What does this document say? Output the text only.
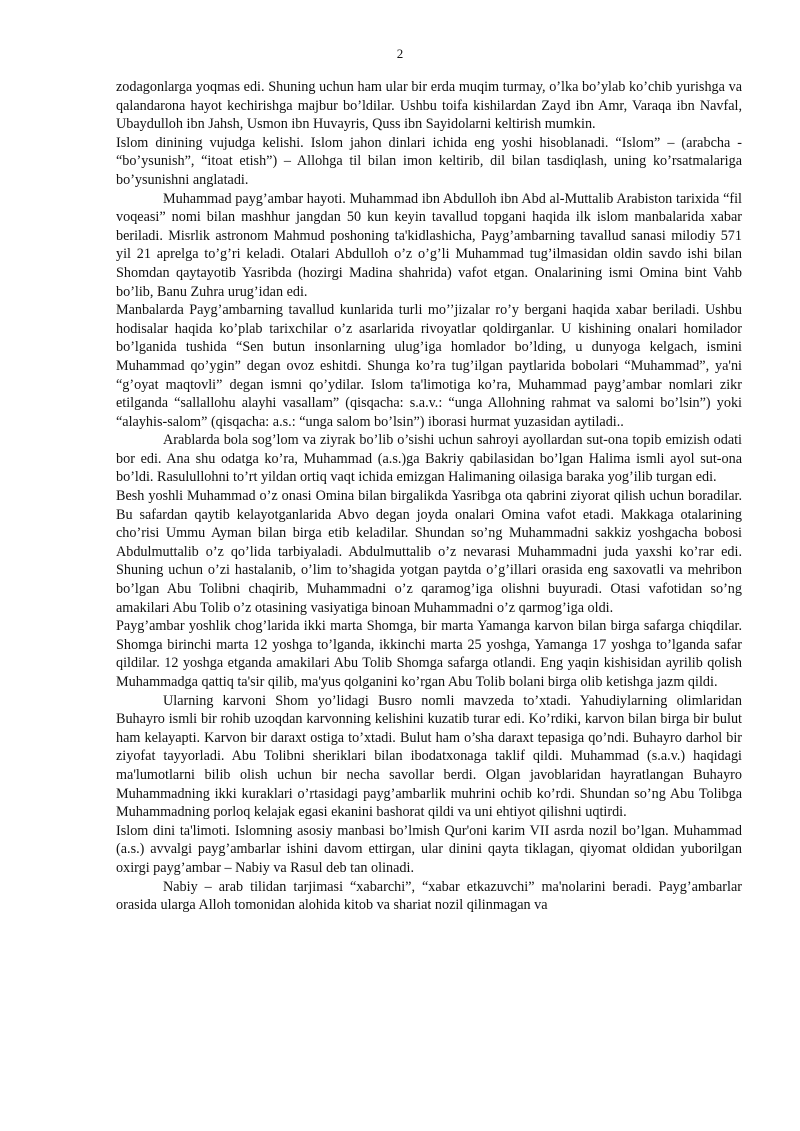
2

zodagonlarga yoqmas edi. Shuning uchun ham ular bir erda muqim turmay, o’lka bo’ylab ko’chib yurishga va qalandarona hayot kechirishga majbur bo’ldilar. Ushbu toifa kishilardan Zayd ibn Amr, Varaqa ibn Navfal, Ubaydulloh ibn Jahsh, Usmon ibn Huvayris, Quss ibn Sayidolarni keltirish mumkin.

Islom dinining vujudga kelishi. Islom jahon dinlari ichida eng yoshi hisoblanadi. “Islom” – (arabcha - “bo’ysunish”, “itoat etish”) – Allohga til bilan imon keltirib, dil bilan tasdiqlash, uning ko’rsatmalariga bo’ysunishni anglatadi.

Muhammad payg’ambar hayoti. Muhammad ibn Abdulloh ibn Abd al-Muttalib Arabiston tarixida “fil voqeasi” nomi bilan mashhur jangdan 50 kun keyin tavallud topgani haqida ilk islom manbalarida xabar beriladi. Misrlik astronom Mahmud poshoning ta'kidlashicha, Payg’ambarning tavallud sanasi milodiy 571 yil 21 aprelga to’g’ri keladi. Otalari Abdulloh o’z o’g’li Muhammad tug’ilmasidan oldin savdo ishi bilan Shomdan qaytayotib Yasribda (hozirgi Madina shahrida) vafot etgan. Onalarining ismi Omina bint Vahb bo’lib, Banu Zuhra urug’idan edi.

Manbalarda Payg’ambarning tavallud kunlarida turli mo’’jizalar ro’y bergani haqida xabar beriladi. Ushbu hodisalar haqida ko’plab tarixchilar o’z asarlarida rivoyatlar qoldirganlar. U kishining onalari homilador bo’lganida tushida “Sen butun insonlarning ulug’iga homlador bo’lding, u dunyoga kelgach, ismini Muhammad qo’ygin” degan ovoz eshitdi. Shunga ko’ra tug’ilgan paytlarida bobolari “Muhammad”, ya'ni “g’oyat maqtovli” degan ismni qo’ydilar. Islom ta'limotiga ko’ra, Muhammad payg’ambar nomlari zikr etilganda “sallallohu alayhi vasallam” (qisqacha: s.a.v.: “unga Allohning rahmat va salomi bo’lsin”) yoki “alayhis-salom” (qisqacha: a.s.: “unga salom bo’lsin”) iborasi hurmat yuzasidan aytiladi..

Arablarda bola sog’lom va ziyrak bo’lib o’sishi uchun sahroyi ayollardan sut-ona topib emizish odati bor edi. Ana shu odatga ko’ra, Muhammad (a.s.)ga Bakriy qabilasidan bo’lgan Halima ismli ayol sut-ona bo’ldi. Rasulullohni to’rt yildan ortiq vaqt ichida emizgan Halimaning oilasiga baraka yog’ilib turgan edi.

Besh yoshli Muhammad o’z onasi Omina bilan birgalikda Yasribga ota qabrini ziyorat qilish uchun boradilar. Bu safardan qaytib kelayotganlarida Abvo degan joyda onalari Omina vafot etadi. Makkaga otalarining cho’risi Ummu Ayman bilan birga etib keladilar. Shundan so’ng Muhammadni sakkiz yoshgacha bobosi Abdulmuttalib o’z qo’lida tarbiyaladi. Abdulmuttalib o’z nevarasi Muhammadni juda yaxshi ko’rar edi. Shuning uchun o’zi hastalanib, o’lim to’shagida yotgan paytda o’g’illari orasida eng saxovatli va mehribon bo’lgan Abu Tolibni chaqirib, Muhammadni o’z qaramog’iga olishni buyuradi. Otasi vafotidan so’ng amakilari Abu Tolib o’z otasining vasiyatiga binoan Muhammadni o’z qarmog’iga oldi.

Payg’ambar yoshlik chog’larida ikki marta Shomga, bir marta Yamanga karvon bilan birga safarga chiqdilar. Shomga birinchi marta 12 yoshga to’lganda, ikkinchi marta 25 yoshga, Yamanga 17 yoshga to’lganda safar qildilar. 12 yoshga etganda amakilari Abu Tolib Shomga safarga otlandi. Eng yaqin kishisidan ayrilib qolish Muhammadga qattiq ta'sir qilib, ma'yus qolganini ko’rgan Abu Tolib bolani birga olib ketishga jazm qildi.

Ularning karvoni Shom yo’lidagi Busro nomli mavzeda to’xtadi. Yahudiylarning olimlaridan Buhayro ismli bir rohib uzoqdan karvonning kelishini kuzatib turar edi. Ko’rdiki, karvon bilan birga bir bulut ham kelayapti. Karvon bir daraxt ostiga to’xtadi. Bulut ham o’sha daraxt tepasiga qo’ndi. Buhayro darhol bir ziyofat tayyorladi. Abu Tolibni sheriklari bilan ibodatxonaga taklif qildi. Muhammad (s.a.v.) haqidagi ma'lumotlarni bilib olish uchun bir necha savollar berdi. Olgan javoblaridan hayratlangan Buhayro Muhammadning ikki kuraklari o’rtasidagi payg’ambarlik muhrini ochib ko’rdi. Shundan so’ng Abu Tolibga Muhammadning porloq kelajak egasi ekanini bashorat qildi va uni ehtiyot qilishni uqtirdi.

Islom dini ta'limoti. Islomning asosiy manbasi bo’lmish Qur'oni karim VII asrda nozil bo’lgan. Muhammad (a.s.) avvalgi payg’ambarlar ishini davom ettirgan, ular dinini qayta tiklagan, qiyomat oldidan yuborilgan oxirgi payg’ambar – Nabiy va Rasul deb tan olinadi.

Nabiy – arab tilidan tarjimasi “xabarchi”, “xabar etkazuvchi” ma'nolarini beradi. Payg’ambarlar orasida ularga Alloh tomonidan alohida kitob va shariat nozil qilinmagan va
